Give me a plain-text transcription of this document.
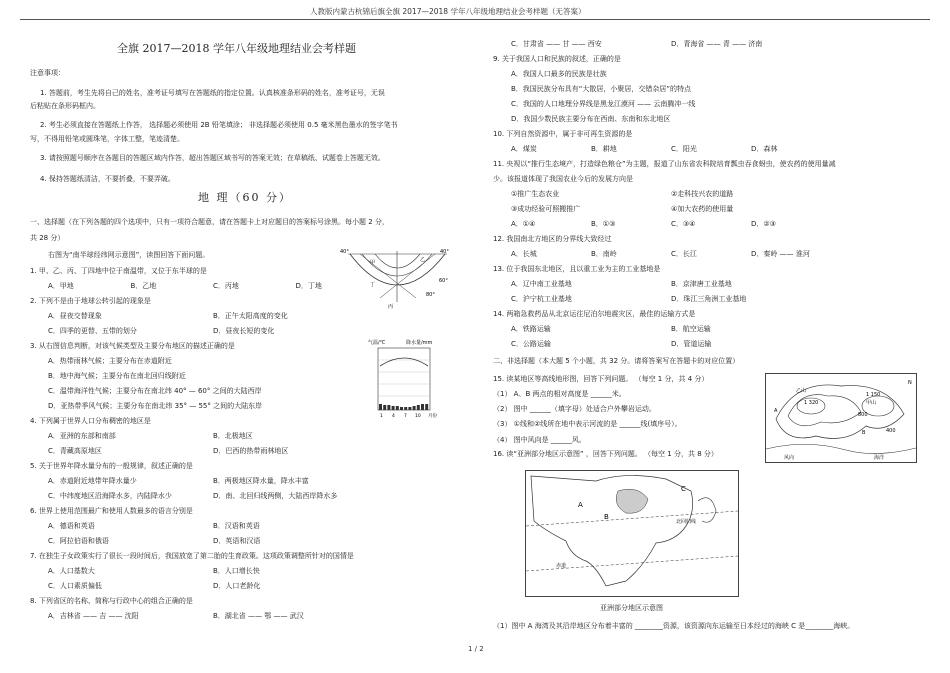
人教版内蒙古杭锦后旗全旗 2017—2018 学年八年级地理结业会考样题（无答案）
全旗 2017—2018 学年八年级地理结业会考样题
注意事项：
1. 答题前，考生先将自己的姓名，准考证号填写在答题纸的指定位置。认真核准条形码的姓名，准考证号，无误
后粘贴在条形码框内。
2. 考生必须直接在答题纸上作答， 选择题必须使用 2B 铅笔填涂； 非选择题必须使用 0.5 毫米黑色墨水的签字笔书
写，不得用铅笔或圆珠笔，字体工整，笔迹清楚。
3. 请按照题号顺序在各题目的答题区域内作答，超出答题区域书写的答案无效；在草稿纸、试题卷上答题无效。
4. 保持答题纸清洁，不要折叠，不要弄破。
地 理（60 分）
一、选择题（在下列各题的四个选项中，只有一项符合题意，请在答题卡上对应题目的答案标号涂黑。每小题 2 分，
共 28 分）
右图为“南半球经纬网示意图”，读图回答下面问题。
1. 甲、乙、丙、丁四地中位于南温带，又位于东半球的是
A．甲地	B．乙地	C．丙地	D．丁地
2. 下列不是由于地球公转引起的现象是
A．昼夜交替现象	B．正午太阳高度的变化
C．四季的更替、五带的划分	D．昼夜长短的变化
3. 从右图信息判断，对该气候类型及主要分布地区的描述正确的是
A．热带雨林气候；主要分布在赤道附近
B．地中海气候；主要分布在南北回归线附近
C．温带海洋性气候；主要分布在南北纬 40° — 60° 之间的大陆西岸
D．亚热带季风气候；主要分布在南北纬 35° — 55° 之间的大陆东岸
4. 下列属于世界人口分布稠密的地区是
A．亚洲的东部和南部	B．北极地区
C．青藏高原地区	D．巴西的热带雨林地区
5. 关于世界年降水量分布的一般规律，叙述正确的是
A．赤道附近地带年降水量少	B．两极地区降水量，降水丰富
C．中纬度地区沿海降水多，内陆降水少	D．南、北回归线两侧，大陆西岸降水多
6. 世界上使用范围最广和使用人数最多的语言分别是
A．德语和英语	B．汉语和英语
C．阿拉伯语和俄语	D．英语和汉语
7. 在独生子女政策实行了很长一段时间后，我国放宽了第二胎的生育政策。这项政策调整所针对的国情是
A．人口基数大	B．人口增长快
C．人口素质偏低	D．人口老龄化
8. 下列省区的名称、简称与行政中心的组合正确的是
A．吉林省 —— 吉 —— 沈阳	B．湖北省 —— 鄂 —— 武汉
40°	40°
乙
甲
丁
丙
60°
80°
气温/℃	降水量/mm
1 4 7 10 月份
C．甘肃省 —— 甘 —— 西安	D．青海省 —— 青 —— 济南
9. 关于我国人口和民族的叙述，正确的是
A．我国人口最多的民族是壮族
B．我国民族分布具有“大散居，小聚居，交错杂居”的特点
C．我国的人口地理分界线是黑龙江漠河 —— 云南腾冲一线
D．我国少数民族主要分布在西南、东南和东北地区
10. 下列自然资源中，属于非可再生资源的是
A．煤炭	B．耕地	C．阳光	D．森林
11. 央视以“推行生态境产，打造绿色粮仓”为主题，报道了山东省农科院培育瓢虫吞食蚜虫，使农药的使用量减
少。该报道体现了我国农业今后的发展方向是
①推广生态农业	②走科技兴农的道路
③成功经验可照搬推广	④加大农药的使用量
A．①④	B．①③	C．③④	D．②③
12. 我国南北方地区的分界线大致经过
A．长城	B．南岭	C．长江	D．秦岭 —— 淮河
13. 位于我国东北地区，且以重工业为主的工业基地是
A．辽中南工业基地	B．京津唐工业基地
C．沪宁杭工业基地	D．珠江三角洲工业基地
14. 两箱急救药品从北京运往尼泊尔地震灾区，最佳的运输方式是
A．铁路运输	B．航空运输
C．公路运输	D．管道运输
二、非选择题（本大题 5 个小题，共 32 分。请将答案写在答题卡的对应位置）
15. 读某地区等高线地形图，回答下列问题。 （每空 1 分，共 4 分）
（1） A、B 两点的相对高度是 ______米。
（2） 图中 ______（填字母）处适合户外攀岩运动。
（3） ①线和②线所在地中表示河流的是 ______线(填序号）。
（4） 图中风向是 ______风。
16. 读“亚洲部分地区示意图” ，回答下列问题。 （每空 1 分，共 8 分）
乙山
1 320
1 150
甲山
800
400
A
B
N
风向	海洋
A
B
C
北回归线
赤道
亚洲部分地区示意图
（1）图中 A 海湾及其沿岸地区分布着丰富的 ________资源，该资源向东运输至日本经过的海峡 C 是________海峡。
1 / 2
